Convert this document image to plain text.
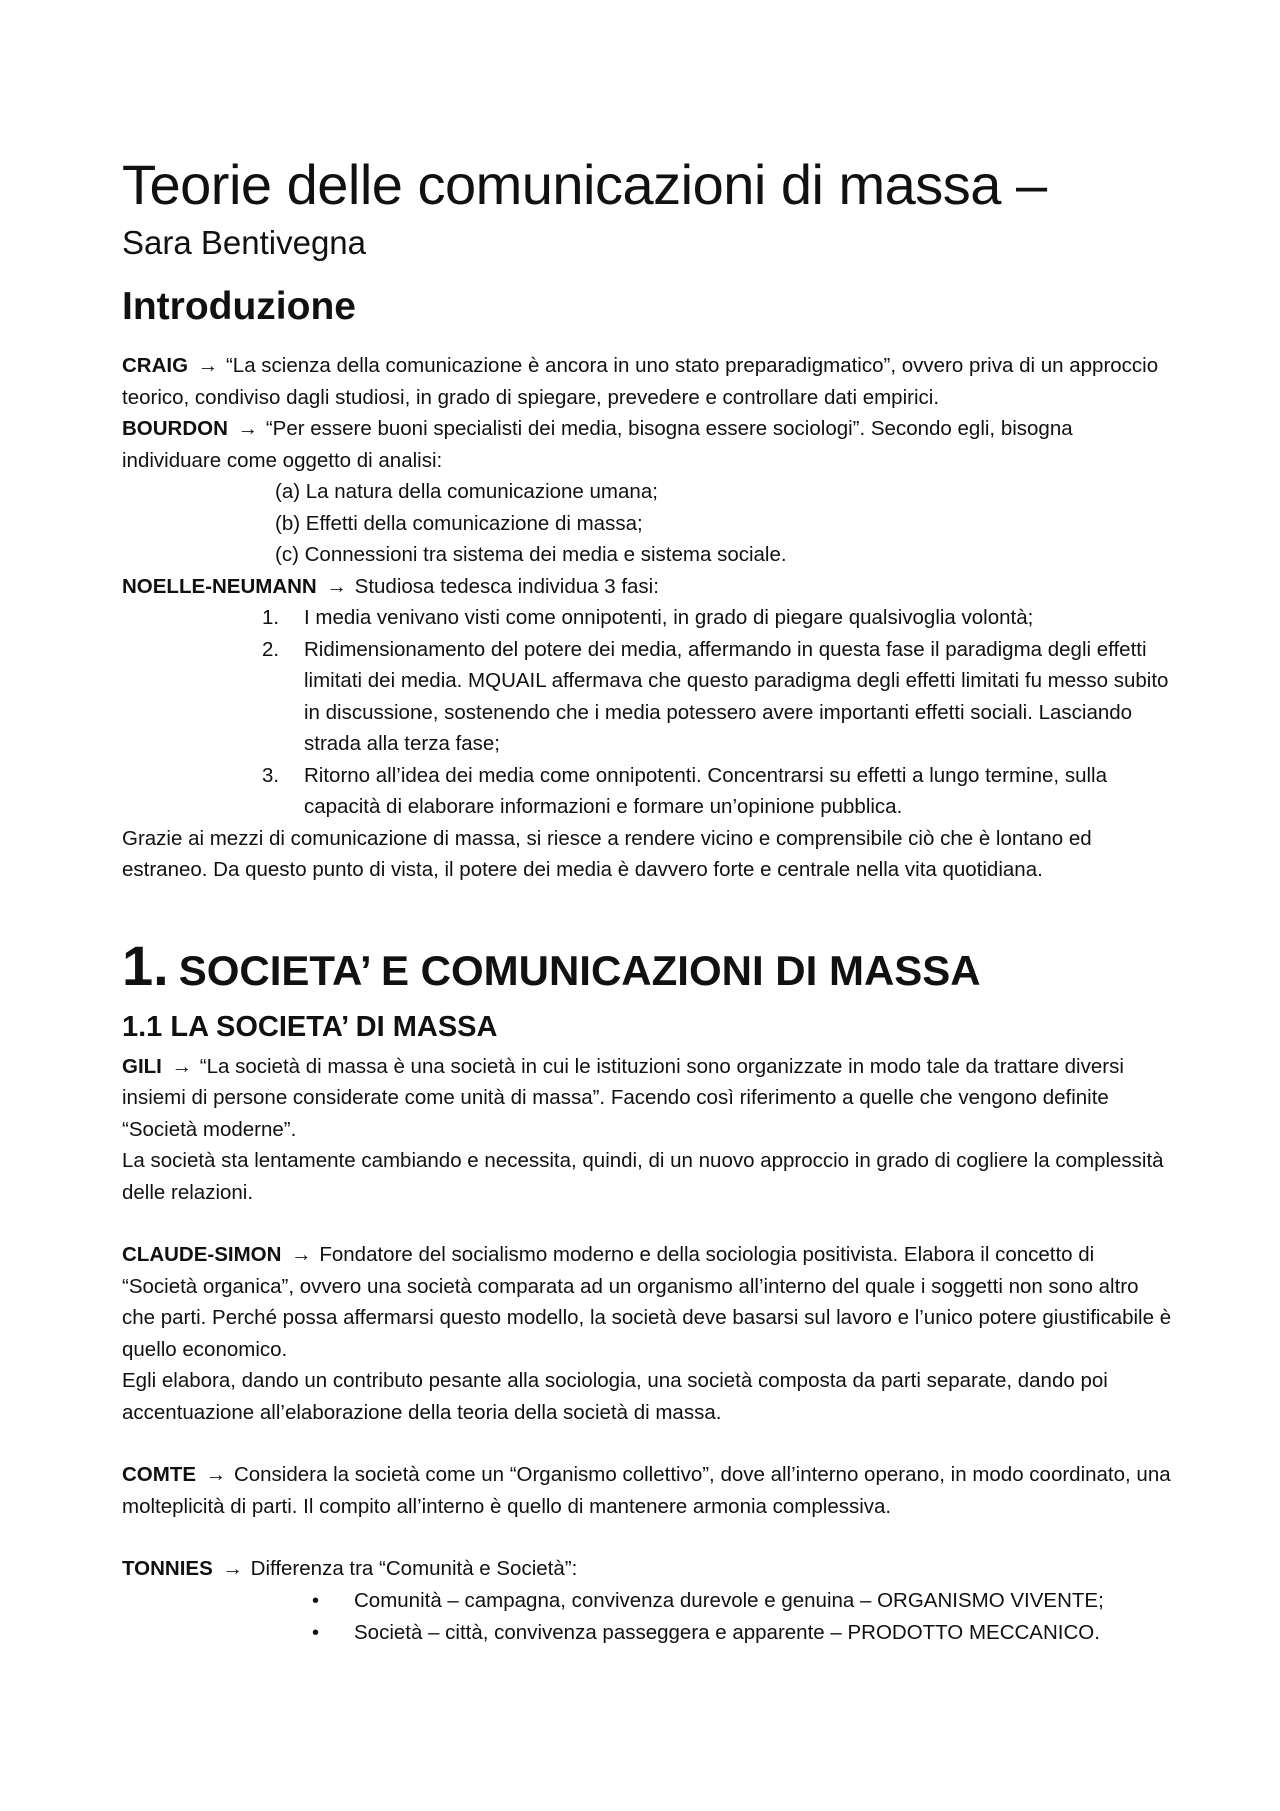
Teorie delle comunicazioni di massa –

Sara Bentivegna

Introduzione

CRAIG → “La scienza della comunicazione è ancora in uno stato preparadigmatico”, ovvero priva di un approccio teorico, condiviso dagli studiosi, in grado di spiegare, prevedere e controllare dati empirici.

BOURDON → “Per essere buoni specialisti dei media, bisogna essere sociologi”. Secondo egli, bisogna individuare come oggetto di analisi:

(a) La natura della comunicazione umana;
(b) Effetti della comunicazione di massa;
(c) Connessioni tra sistema dei media e sistema sociale.

NOELLE-NEUMANN → Studiosa tedesca individua 3 fasi:

1. I media venivano visti come onnipotenti, in grado di piegare qualsivoglia volontà;
2. Ridimensionamento del potere dei media, affermando in questa fase il paradigma degli effetti limitati dei media. MQUAIL affermava che questo paradigma degli effetti limitati fu messo subito in discussione, sostenendo che i media potessero avere importanti effetti sociali. Lasciando strada alla terza fase;
3. Ritorno all’idea dei media come onnipotenti. Concentrarsi su effetti a lungo termine, sulla capacità di elaborare informazioni e formare un’opinione pubblica.

Grazie ai mezzi di comunicazione di massa, si riesce a rendere vicino e comprensibile ciò che è lontano ed estraneo. Da questo punto di vista, il potere dei media è davvero forte e centrale nella vita quotidiana.

1. SOCIETA’ E COMUNICAZIONI DI MASSA
1.1 LA SOCIETA’ DI MASSA

GILI → “La società di massa è una società in cui le istituzioni sono organizzate in modo tale da trattare diversi insiemi di persone considerate come unità di massa”. Facendo così riferimento a quelle che vengono definite “Società moderne”.

La società sta lentamente cambiando e necessita, quindi, di un nuovo approccio in grado di cogliere la complessità delle relazioni.

CLAUDE-SIMON → Fondatore del socialismo moderno e della sociologia positivista. Elabora il concetto di “Società organica”, ovvero una società comparata ad un organismo all’interno del quale i soggetti non sono altro che parti. Perché possa affermarsi questo modello, la società deve basarsi sul lavoro e l’unico potere giustificabile è quello economico.

Egli elabora, dando un contributo pesante alla sociologia, una società composta da parti separate, dando poi accentuazione all’elaborazione della teoria della società di massa.

COMTE → Considera la società come un “Organismo collettivo”, dove all’interno operano, in modo coordinato, una molteplicità di parti. Il compito all’interno è quello di mantenere armonia complessiva.

TONNIES → Differenza tra “Comunità e Società”:

• Comunità – campagna, convivenza durevole e genuina – ORGANISMO VIVENTE;
• Società – città, convivenza passeggera e apparente – PRODOTTO MECCANICO.
